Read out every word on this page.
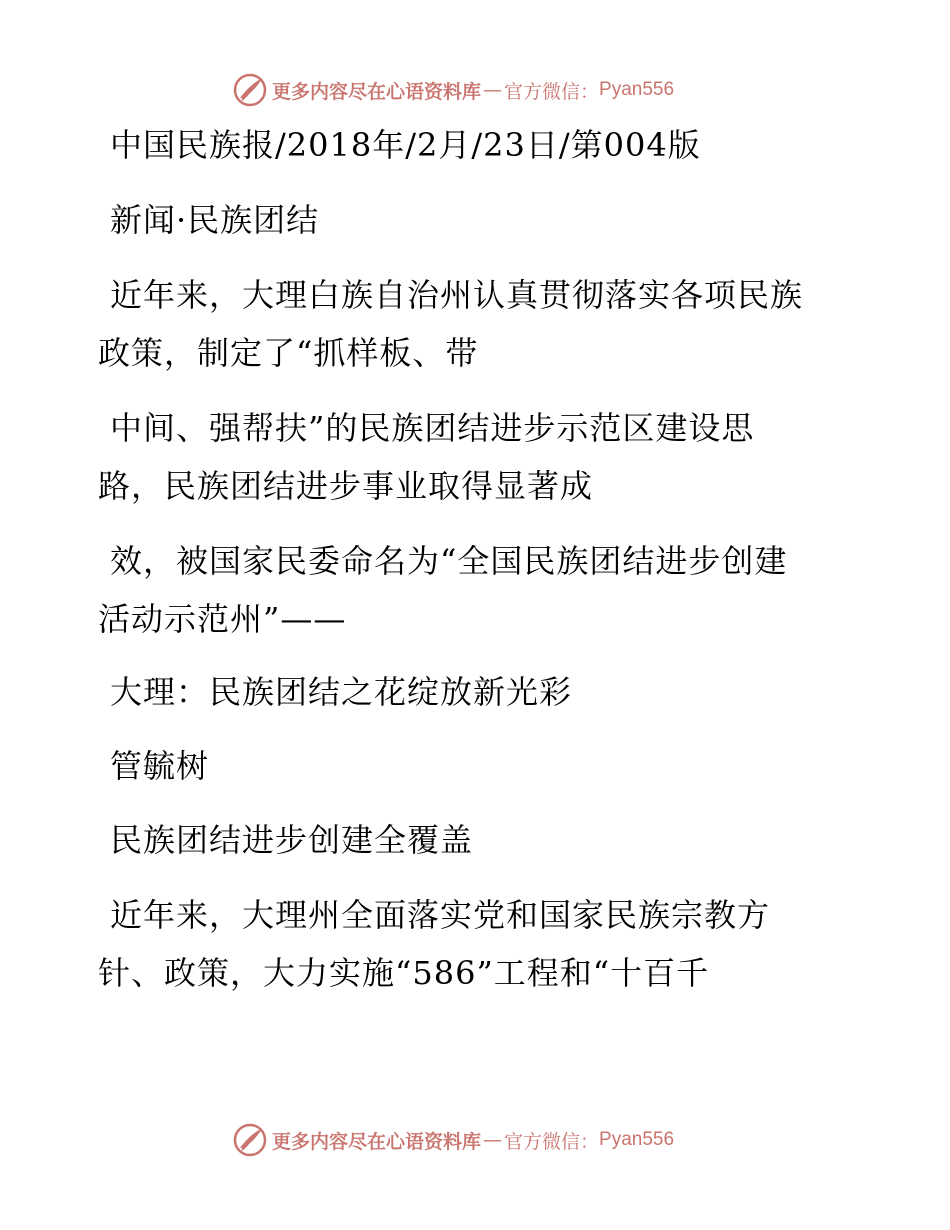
更多内容尽在心语资料库 — 官方微信： Pyan556
中国民族报/2018年/2月/23日/第004版
新闻·民族团结
近年来，大理白族自治州认真贯彻落实各项民族
政策，制定了“抓样板、带
中间、强帮扶”的民族团结进步示范区建设思
路，民族团结进步事业取得显著成
效，被国家民委命名为“全国民族团结进步创建
活动示范州”——
大理：民族团结之花绽放新光彩
管毓树
民族团结进步创建全覆盖
近年来，大理州全面落实党和国家民族宗教方
针、政策，大力实施“586”工程和“十百千
更多内容尽在心语资料库 — 官方微信： Pyan556
